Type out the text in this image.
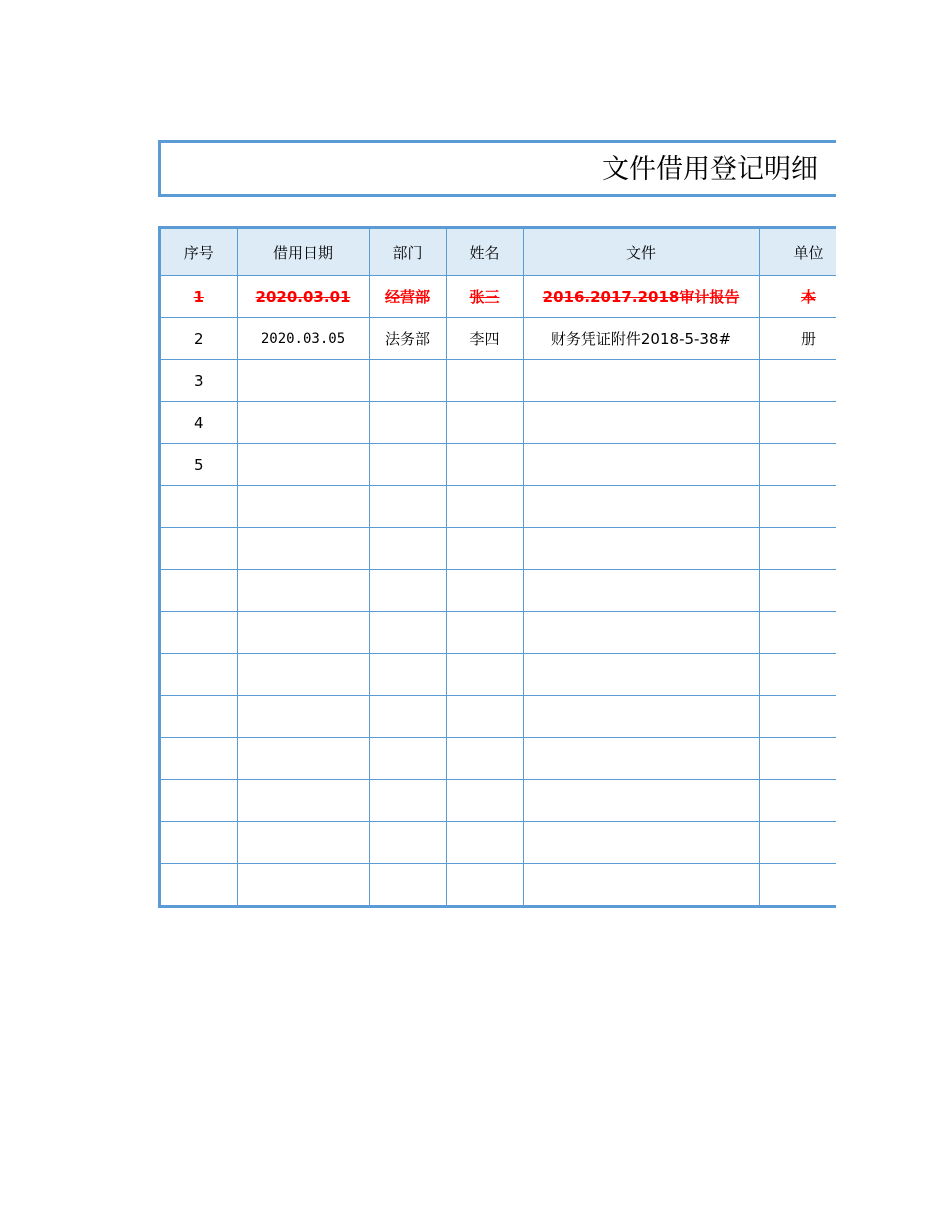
文件借用登记明细
序号	借用日期	部门	姓名	文件	单位
1	2020.03.01	经营部	张三	2016.2017.2018审计报告	本
2	2020.03.05	法务部	李四	财务凭证附件2018-5-38#	册
3					
4					
5					
